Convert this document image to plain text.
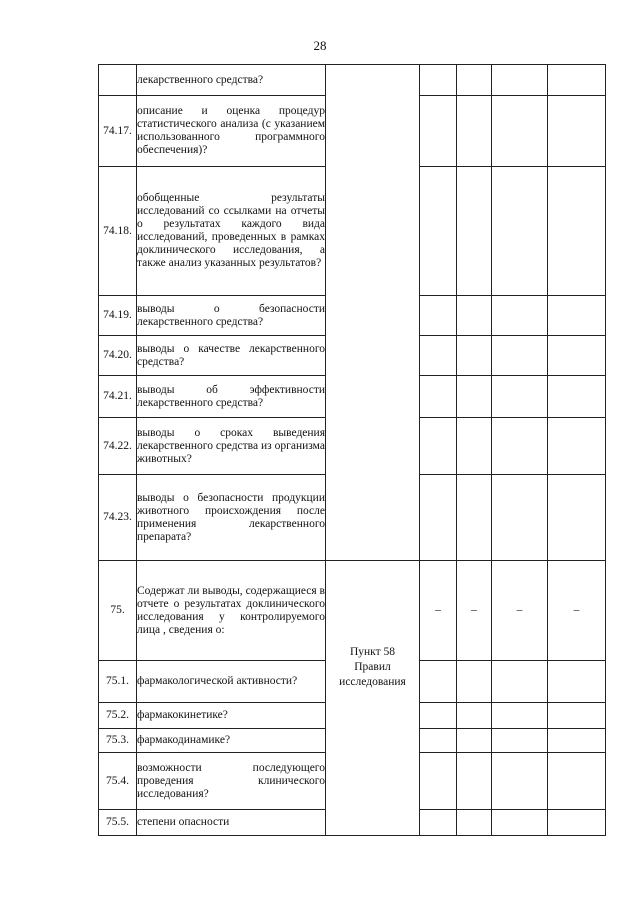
28

	лекарственного средства?					

74.17.	описание и оценка процедур статистического анализа (с указанием использованного программного обеспечения)?					

74.18.	обобщенные результаты исследований со ссылками на отчеты о результатах каждого вида исследований, проведенных в рамках доклинического исследования, а также анализ указанных результатов?					

74.19.	выводы о безопасности лекарственного средства?					

74.20.	выводы о качестве лекарственного средства?					

74.21.	выводы об эффективности лекарственного средства?					

74.22.	выводы о сроках выведения лекарственного средства из организма животных?					

74.23.	выводы о безопасности продукции животного происхождения после применения лекарственного препарата?					

75.	Содержат ли выводы, содержащиеся в отчете о результатах доклинического исследования у контролируемого лица , сведения о:	Пункт 58
Правил
исследования	–	–	–	–
75.1.	фармакологической активности?					

75.2.	фармакокинетике?					

75.3.	фармакодинамике?					

75.4.	возможности последующего проведения клинического исследования?					

75.5.	степени опасности					
